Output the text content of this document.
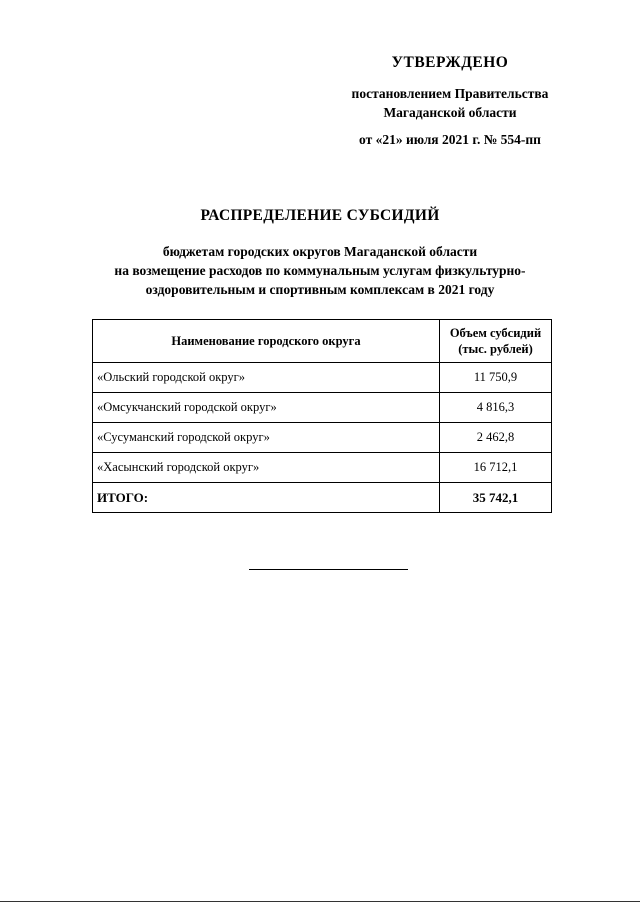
УТВЕРЖДЕНО
постановлением Правительства
Магаданской области
от «21» июля 2021 г. № 554-пп
РАСПРЕДЕЛЕНИЕ СУБСИДИЙ
бюджетам городских округов Магаданской области
на возмещение расходов по коммунальным услугам физкультурно-
оздоровительным и спортивным комплексам в 2021 году
Наименование городского округа	Объем субсидий
(тыс. рублей)

«Ольский городской округ»	11 750,9
«Омсукчанский городской округ»	4 816,3
«Сусуманский городской округ»	2 462,8
«Хасынский городской округ»	16 712,1
ИТОГО:	35 742,1
